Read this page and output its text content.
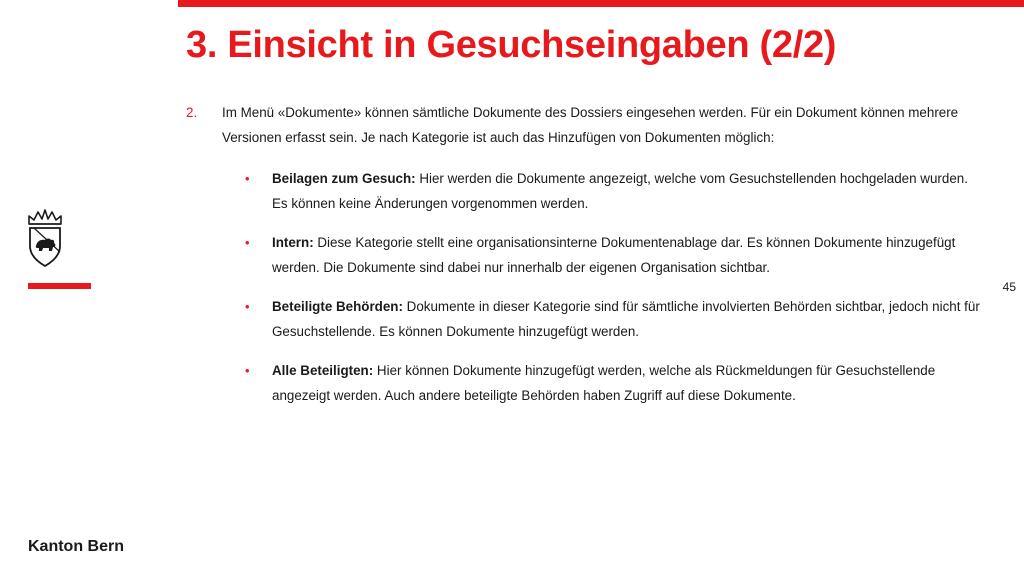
3. Einsicht in Gesuchseingaben (2/2)
45

2. Im Menü «Dokumente» können sämtliche Dokumente des Dossiers eingesehen werden. Für ein Dokument können mehrere Versionen erfasst sein. Je nach Kategorie ist auch das Hinzufügen von Dokumenten möglich:

• Beilagen zum Gesuch: Hier werden die Dokumente angezeigt, welche vom Gesuchstellenden hochgeladen wurden. Es können keine Änderungen vorgenommen werden.
• Intern: Diese Kategorie stellt eine organisationsinterne Dokumentenablage dar. Es können Dokumente hinzugefügt werden. Die Dokumente sind dabei nur innerhalb der eigenen Organisation sichtbar.
• Beteiligte Behörden: Dokumente in dieser Kategorie sind für sämtliche involvierten Behörden sichtbar, jedoch nicht für Gesuchstellende. Es können Dokumente hinzugefügt werden.
• Alle Beteiligten: Hier können Dokumente hinzugefügt werden, welche als Rückmeldungen für Gesuchstellende angezeigt werden. Auch andere beteiligte Behörden haben Zugriff auf diese Dokumente.
Kanton Bern
